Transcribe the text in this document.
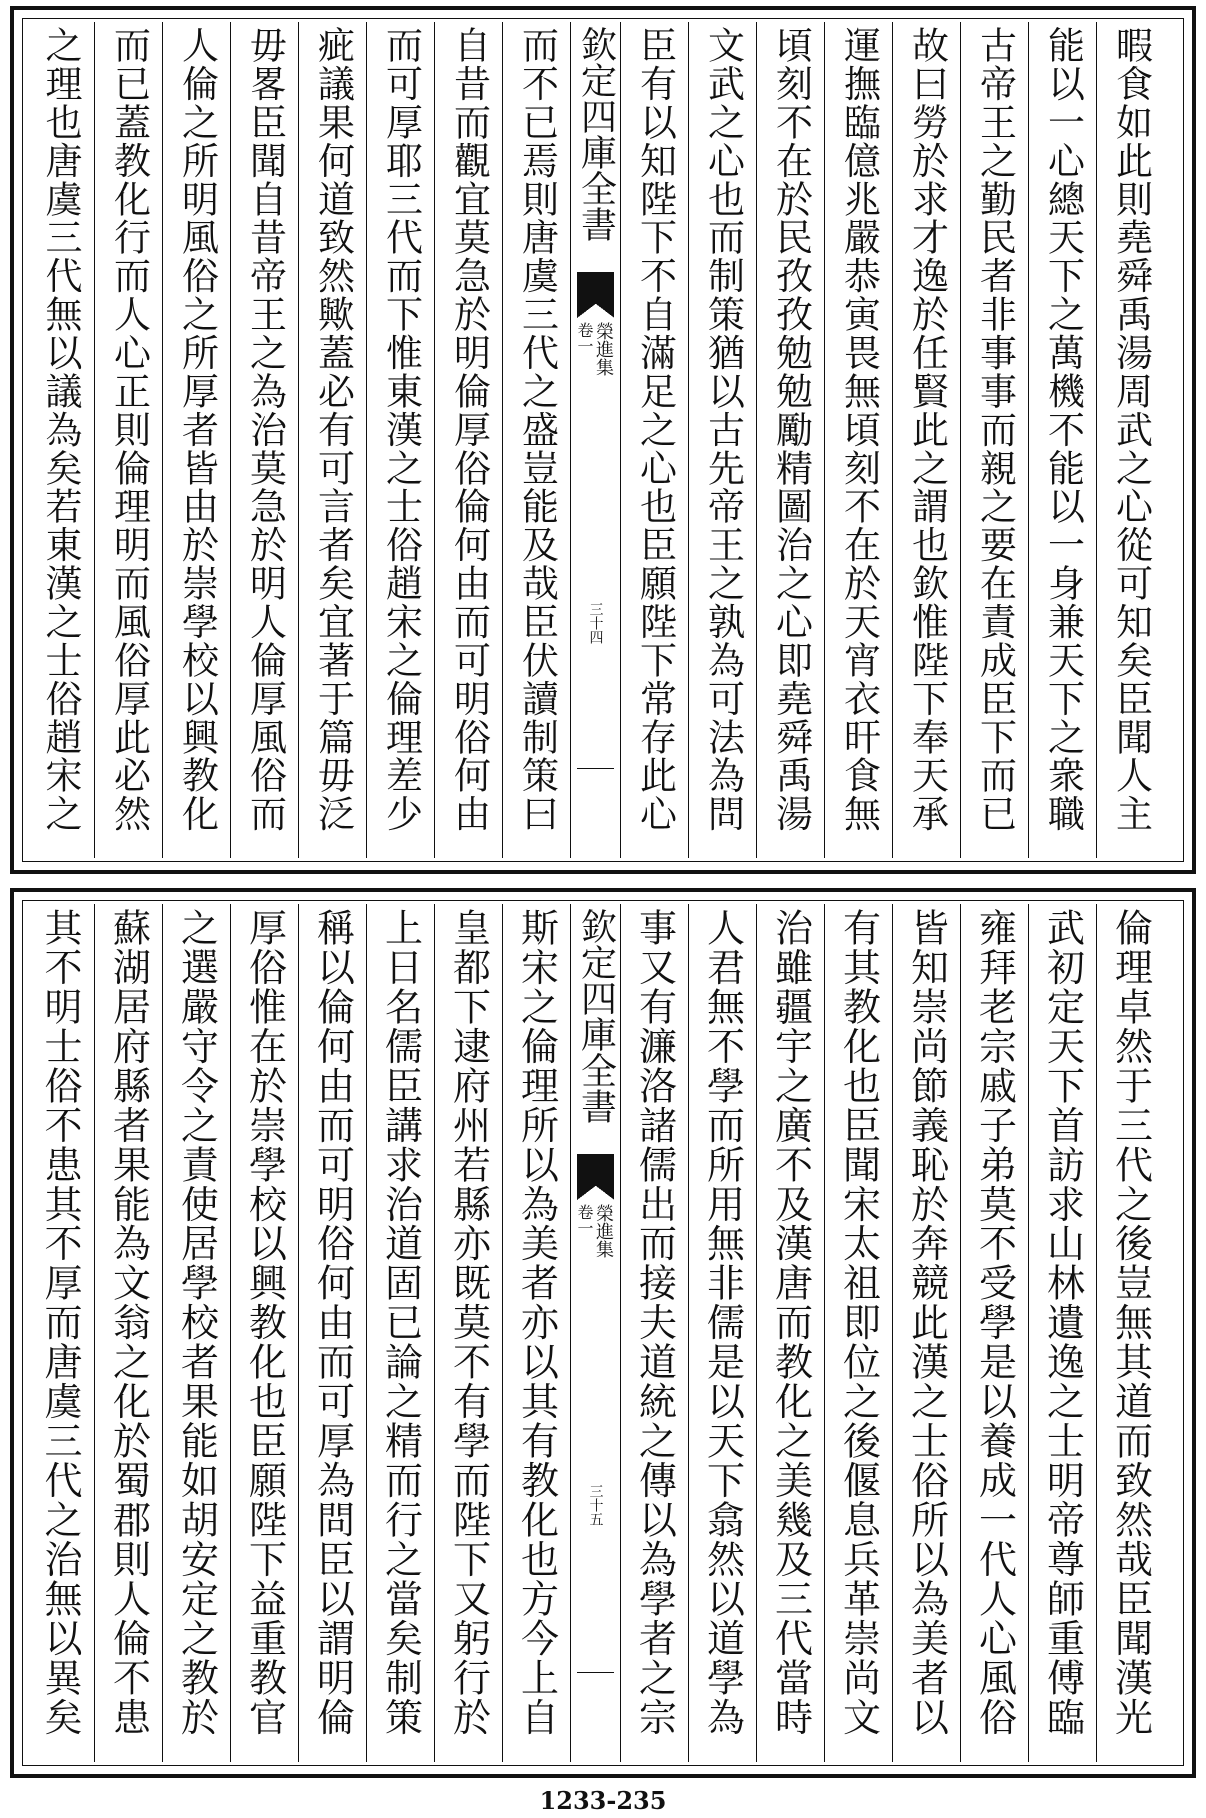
暇食如此則堯舜禹湯周武之心從可知矣臣聞人主
能以一心總天下之萬機不能以一身兼天下之衆職
古帝王之勤民者非事事而親之要在責成臣下而已
故曰勞於求才逸於任賢此之謂也欽惟陛下奉天承
運撫臨億兆嚴恭寅畏無頃刻不在於天宵衣旰食無
頃刻不在於民孜孜勉勉勵精圖治之心即堯舜禹湯
文武之心也而制策猶以古先帝王之孰為可法為問
臣有以知陛下不自滿足之心也臣願陛下常存此心
欽定四庫全書
榮進集
卷一
三十四
而不已焉則唐虞三代之盛豈能及哉臣伏讀制策曰
自昔而觀宜莫急於明倫厚俗倫何由而可明俗何由
而可厚耶三代而下惟東漢之士俗趙宋之倫理差少
疵議果何道致然歟蓋必有可言者矣宜著于篇毋泛
毋畧臣聞自昔帝王之為治莫急於明人倫厚風俗而
人倫之所明風俗之所厚者皆由於崇學校以興教化
而已蓋教化行而人心正則倫理明而風俗厚此必然
之理也唐虞三代無以議為矣若東漢之士俗趙宋之
倫理卓然于三代之後豈無其道而致然哉臣聞漢光
武初定天下首訪求山林遺逸之士明帝尊師重傅臨
雍拜老宗戚子弟莫不受學是以養成一代人心風俗
皆知崇尚節義恥於奔競此漢之士俗所以為美者以
有其教化也臣聞宋太祖即位之後偃息兵革崇尚文
治雖疆宇之廣不及漢唐而教化之美幾及三代當時
人君無不學而所用無非儒是以天下翕然以道學為
事又有濂洛諸儒出而接夫道統之傳以為學者之宗
欽定四庫全書
榮進集
卷一
三十五
斯宋之倫理所以為美者亦以其有教化也方今上自
皇都下逮府州若縣亦既莫不有學而陛下又躬行於
上日名儒臣講求治道固已論之精而行之當矣制策
稱以倫何由而可明俗何由而可厚為問臣以謂明倫
厚俗惟在於崇學校以興教化也臣願陛下益重教官
之選嚴守令之責使居學校者果能如胡安定之教於
蘇湖居府縣者果能為文翁之化於蜀郡則人倫不患
其不明士俗不患其不厚而唐虞三代之治無以異矣
1233-235
